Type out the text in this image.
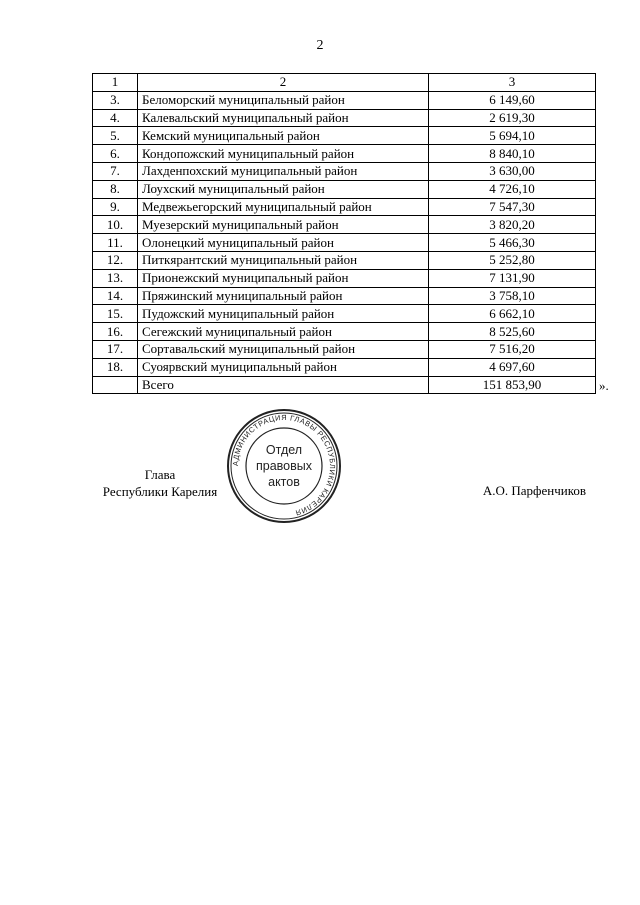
2
1	2	3
3.	Беломорский муниципальный район	6 149,60
4.	Калевальский муниципальный район	2 619,30
5.	Кемский муниципальный район	5 694,10
6.	Кондопожский муниципальный район	8 840,10
7.	Лахденпохский муниципальный район	3 630,00
8.	Лоухский муниципальный район	4 726,10
9.	Медвежьегорский муниципальный район	7 547,30
10.	Муезерский муниципальный район	3 820,20
11.	Олонецкий муниципальный район	5 466,30
12.	Питкярантский муниципальный район	5 252,80
13.	Прионежский муниципальный район	7 131,90
14.	Пряжинский муниципальный район	3 758,10
15.	Пудожский муниципальный район	6 662,10
16.	Сегежский муниципальный район	8 525,60
17.	Сортавальский муниципальный район	7 516,20
18.	Суоярвский муниципальный район	4 697,60
	Всего	151 853,90	».
Глава
Республики Карелия
АДМИНИСТРАЦИЯ ГЛАВЫ РЕСПУБЛИКИ КАРЕЛИЯ
Отдел
правовых
актов
А.О. Парфенчиков
